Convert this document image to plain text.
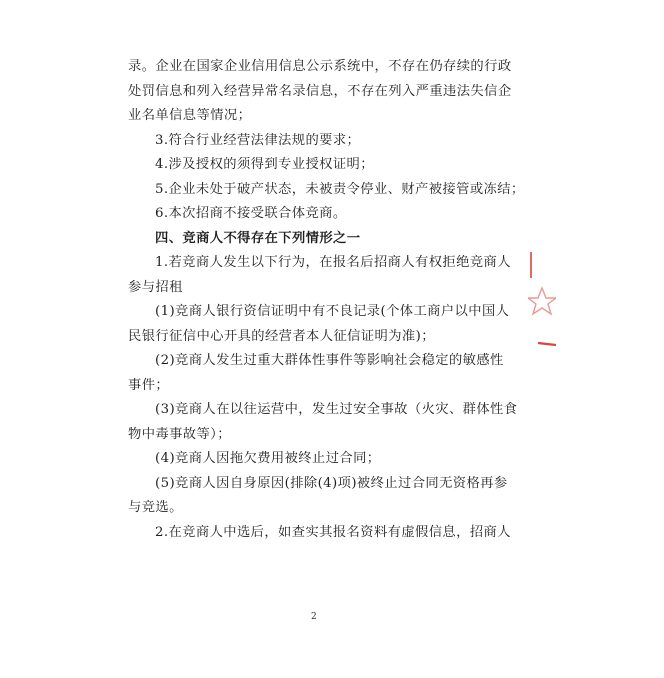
录。企业在国家企业信用信息公示系统中，不存在仍存续的行政
处罚信息和列入经营异常名录信息，不存在列入严重违法失信企
业名单信息等情况；
3.符合行业经营法律法规的要求；
4.涉及授权的须得到专业授权证明；
5.企业未处于破产状态，未被责令停业、财产被接管或冻结；
6.本次招商不接受联合体竞商。
四、竞商人不得存在下列情形之一
1.若竞商人发生以下行为，在报名后招商人有权拒绝竞商人
参与招租
(1)竞商人银行资信证明中有不良记录(个体工商户以中国人
民银行征信中心开具的经营者本人征信证明为准)；
(2)竞商人发生过重大群体性事件等影响社会稳定的敏感性
事件；
(3)竞商人在以往运营中，发生过安全事故（火灾、群体性食
物中毒事故等）；
(4)竞商人因拖欠费用被终止过合同；
(5)竞商人因自身原因(排除(4)项)被终止过合同无资格再参
与竞选。
2.在竞商人中选后，如查实其报名资料有虚假信息，招商人
2
